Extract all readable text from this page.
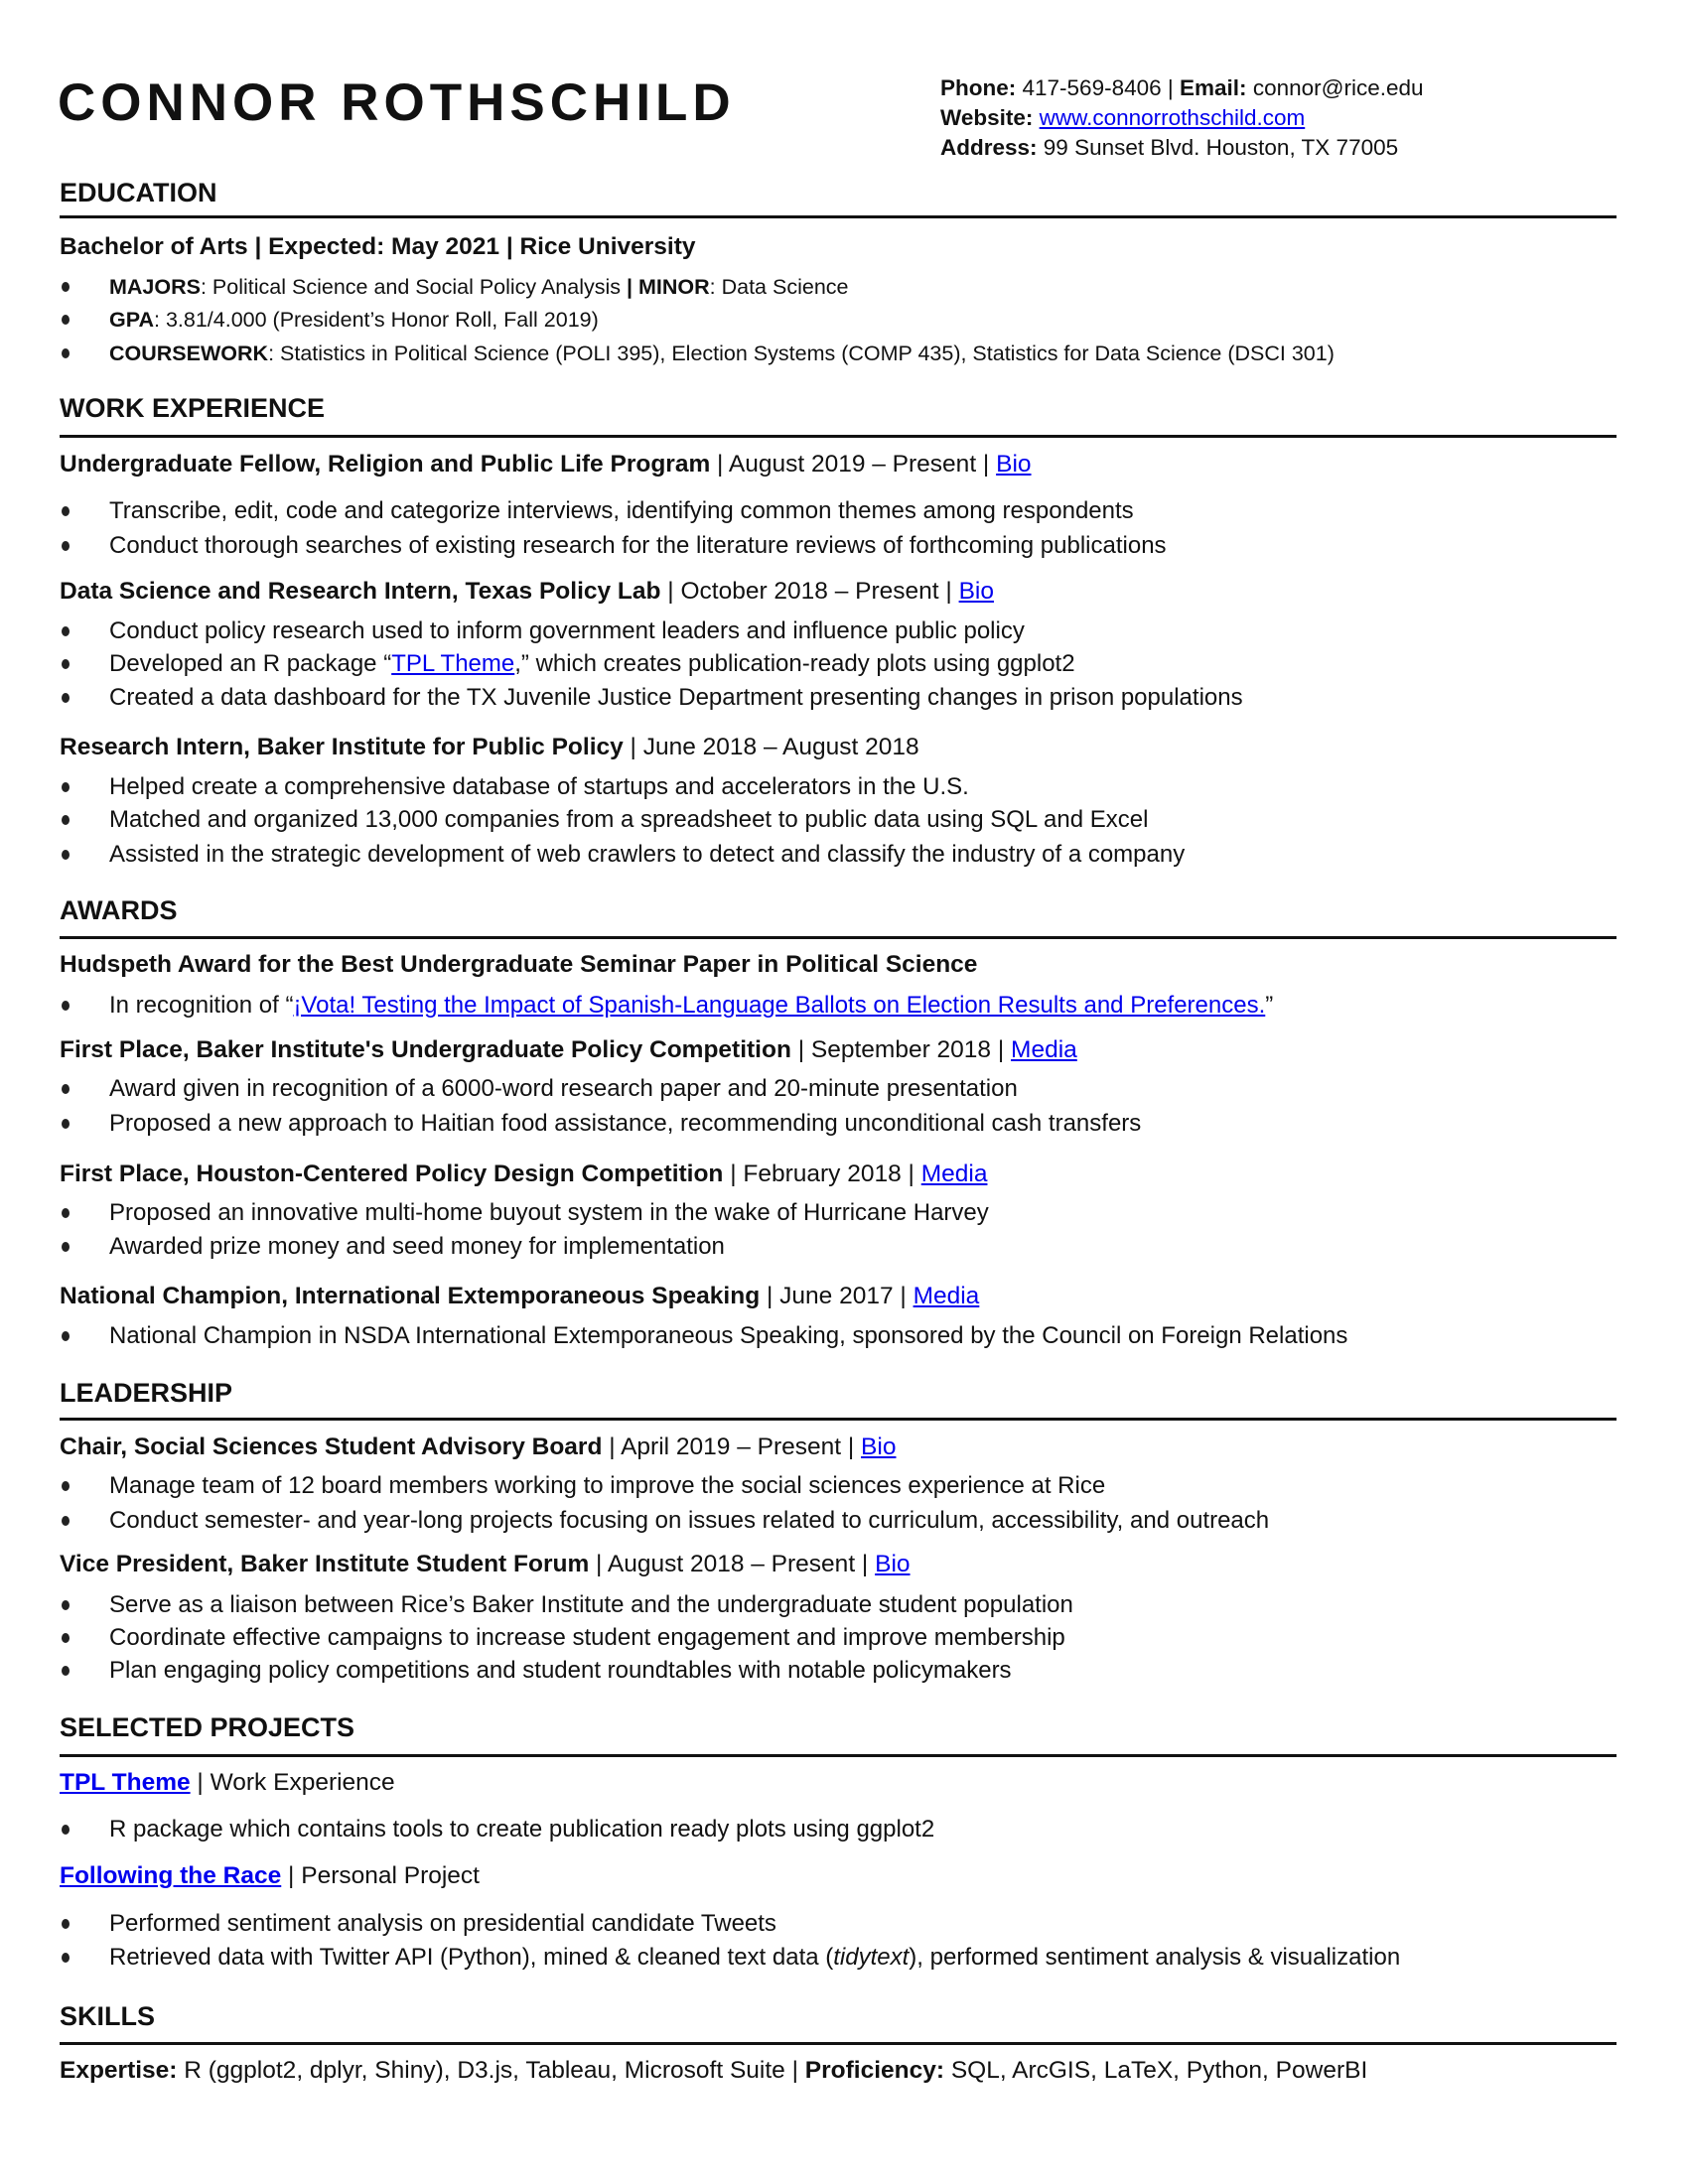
CONNOR ROTHSCHILD	Phone: 417-569-8406 | Email: connor@rice.edu
Website: www.connorrothschild.com
Address: 99 Sunset Blvd. Houston, TX 77005
EDUCATION
Bachelor of Arts | Expected: May 2021 | Rice University
MAJORS: Political Science and Social Policy Analysis | MINOR: Data Science
GPA: 3.81/4.000 (President’s Honor Roll, Fall 2019)
COURSEWORK: Statistics in Political Science (POLI 395), Election Systems (COMP 435), Statistics for Data Science (DSCI 301)
WORK EXPERIENCE
Undergraduate Fellow, Religion and Public Life Program | August 2019 – Present | Bio
Transcribe, edit, code and categorize interviews, identifying common themes among respondents
Conduct thorough searches of existing research for the literature reviews of forthcoming publications
Data Science and Research Intern, Texas Policy Lab | October 2018 – Present | Bio
Conduct policy research used to inform government leaders and influence public policy
Developed an R package “TPL Theme,” which creates publication-ready plots using ggplot2
Created a data dashboard for the TX Juvenile Justice Department presenting changes in prison populations
Research Intern, Baker Institute for Public Policy | June 2018 – August 2018
Helped create a comprehensive database of startups and accelerators in the U.S.
Matched and organized 13,000 companies from a spreadsheet to public data using SQL and Excel
Assisted in the strategic development of web crawlers to detect and classify the industry of a company
AWARDS
Hudspeth Award for the Best Undergraduate Seminar Paper in Political Science
In recognition of “¡Vota! Testing the Impact of Spanish-Language Ballots on Election Results and Preferences.”
First Place, Baker Institute's Undergraduate Policy Competition | September 2018 | Media
Award given in recognition of a 6000-word research paper and 20-minute presentation
Proposed a new approach to Haitian food assistance, recommending unconditional cash transfers
First Place, Houston-Centered Policy Design Competition | February 2018 | Media
Proposed an innovative multi-home buyout system in the wake of Hurricane Harvey
Awarded prize money and seed money for implementation
National Champion, International Extemporaneous Speaking | June 2017 | Media
National Champion in NSDA International Extemporaneous Speaking, sponsored by the Council on Foreign Relations
LEADERSHIP
Chair, Social Sciences Student Advisory Board | April 2019 – Present | Bio
Manage team of 12 board members working to improve the social sciences experience at Rice
Conduct semester- and year-long projects focusing on issues related to curriculum, accessibility, and outreach
Vice President, Baker Institute Student Forum | August 2018 – Present | Bio
Serve as a liaison between Rice’s Baker Institute and the undergraduate student population
Coordinate effective campaigns to increase student engagement and improve membership
Plan engaging policy competitions and student roundtables with notable policymakers
SELECTED PROJECTS
TPL Theme | Work Experience
R package which contains tools to create publication ready plots using ggplot2
Following the Race | Personal Project
Performed sentiment analysis on presidential candidate Tweets
Retrieved data with Twitter API (Python), mined & cleaned text data (tidytext), performed sentiment analysis & visualization
SKILLS
Expertise: R (ggplot2, dplyr, Shiny), D3.js, Tableau, Microsoft Suite | Proficiency: SQL, ArcGIS, LaTeX, Python, PowerBI
